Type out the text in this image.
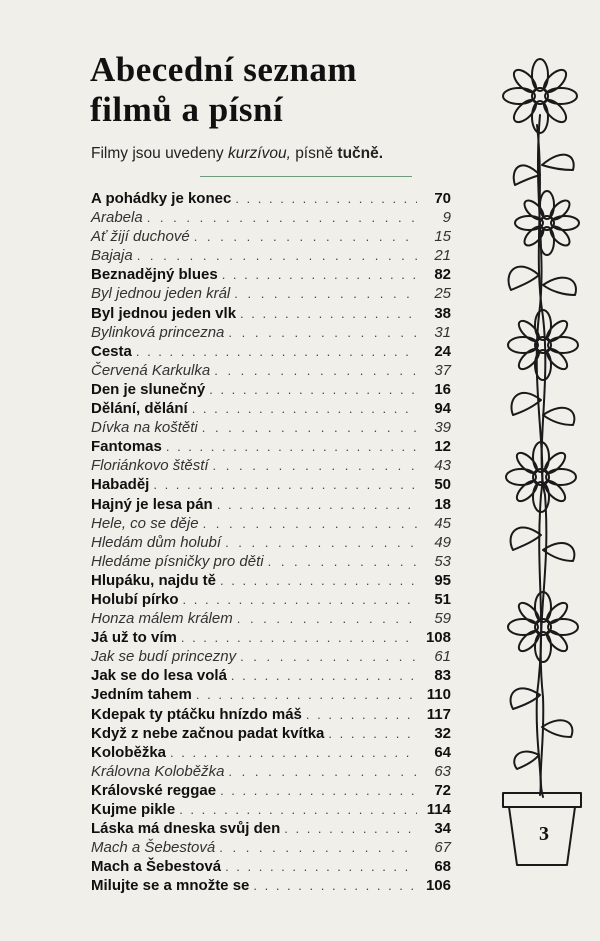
Abecední seznam
filmů a písní
Filmy jsou uvedeny kurzívou, písně tučně.
A pohádky je konec . . .	70
Arabela . . .	9
Ať žijí duchové . . .	15
Bajaja . . .	21
Beznadějný blues . . .	82
Byl jednou jeden král . . .	25
Byl jednou jeden vlk . . .	38
Bylinková princezna . . .	31
Cesta . . .	24
Červená Karkulka . . .	37
Den je slunečný . . .	16
Dělání, dělání . . .	94
Dívka na koštěti . . .	39
Fantomas . . .	12
Floriánkovo štěstí . . .	43
Habaděj . . .	50
Hajný je lesa pán . . .	18
Hele, co se děje . . .	45
Hledám dům holubí . . .	49
Hledáme písničky pro děti . . .	53
Hlupáku, najdu tě . . .	95
Holubí pírko . . .	51
Honza málem králem . . .	59
Já už to vím . . .	108
Jak se budí princezny . . .	61
Jak se do lesa volá . . .	83
Jedním tahem . . .	110
Kdepak ty ptáčku hnízdo máš . . .	117
Když z nebe začnou padat kvítka . . .	32
Koloběžka . . .	64
Královna Koloběžka . . .	63
Královské reggae . . .	72
Kujme pikle . . .	114
Láska má dneska svůj den . . .	34
Mach a Šebestová . . .	67
Mach a Šebestová . . .	68
Milujte se a množte se . . .	106
3
